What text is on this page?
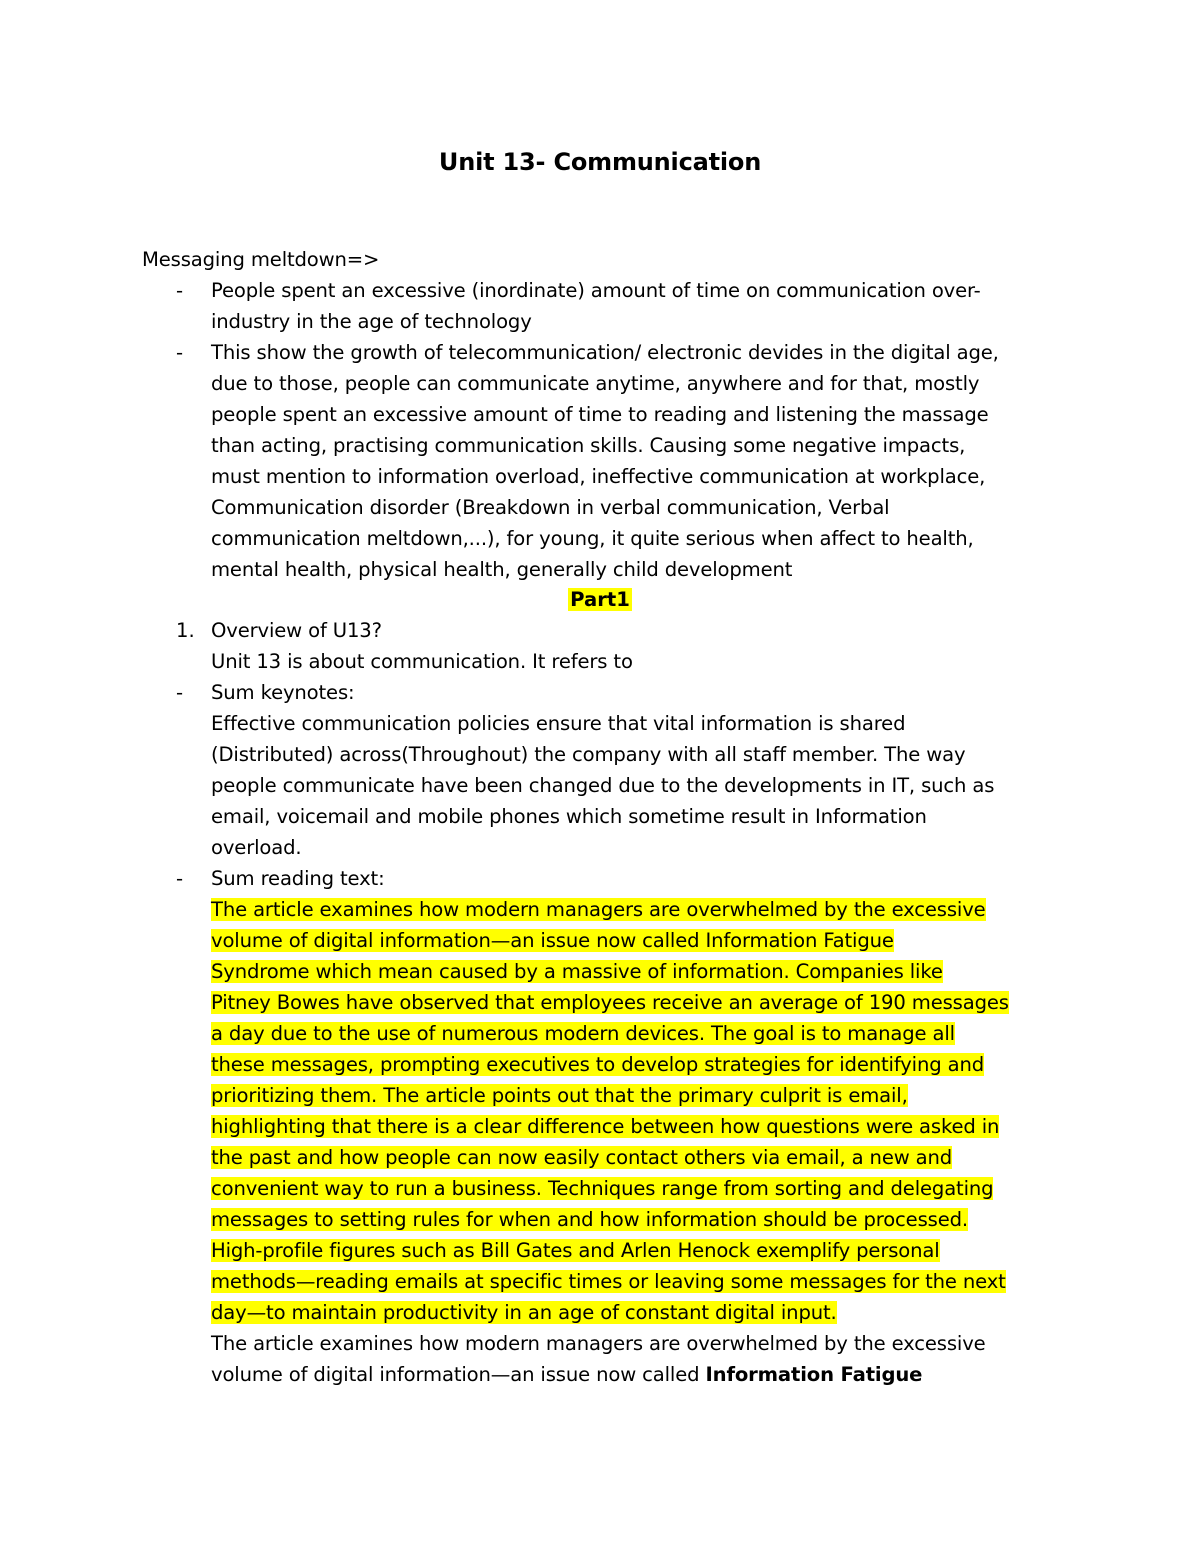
Unit 13- Communication
Messaging meltdown=>
- People spent an excessive (inordinate) amount of time on communication over-
industry in the age of technology
- This show the growth of telecommunication/ electronic devides in the digital age,
due to those, people can communicate anytime, anywhere and for that, mostly
people spent an excessive amount of time to reading and listening the massage
than acting, practising communication skills. Causing some negative impacts,
must mention to information overload, ineffective communication at workplace,
Communication disorder (Breakdown in verbal communication, Verbal
communication meltdown,...), for young, it quite serious when affect to health,
mental health, physical health, generally child development
Part1
1. Overview of U13?
Unit 13 is about communication. It refers to
- Sum keynotes:
Effective communication policies ensure that vital information is shared
(Distributed) across(Throughout) the company with all staff member. The way
people communicate have been changed due to the developments in IT, such as
email, voicemail and mobile phones which sometime result in Information
overload.
- Sum reading text:
The article examines how modern managers are overwhelmed by the excessive
volume of digital information—an issue now called Information Fatigue
Syndrome which mean caused by a massive of information. Companies like
Pitney Bowes have observed that employees receive an average of 190 messages
a day due to the use of numerous modern devices. The goal is to manage all
these messages, prompting executives to develop strategies for identifying and
prioritizing them. The article points out that the primary culprit is email,
highlighting that there is a clear difference between how questions were asked in
the past and how people can now easily contact others via email, a new and
convenient way to run a business. Techniques range from sorting and delegating
messages to setting rules for when and how information should be processed.
High-profile figures such as Bill Gates and Arlen Henock exemplify personal
methods—reading emails at specific times or leaving some messages for the next
day—to maintain productivity in an age of constant digital input.
The article examines how modern managers are overwhelmed by the excessive
volume of digital information—an issue now called Information Fatigue
